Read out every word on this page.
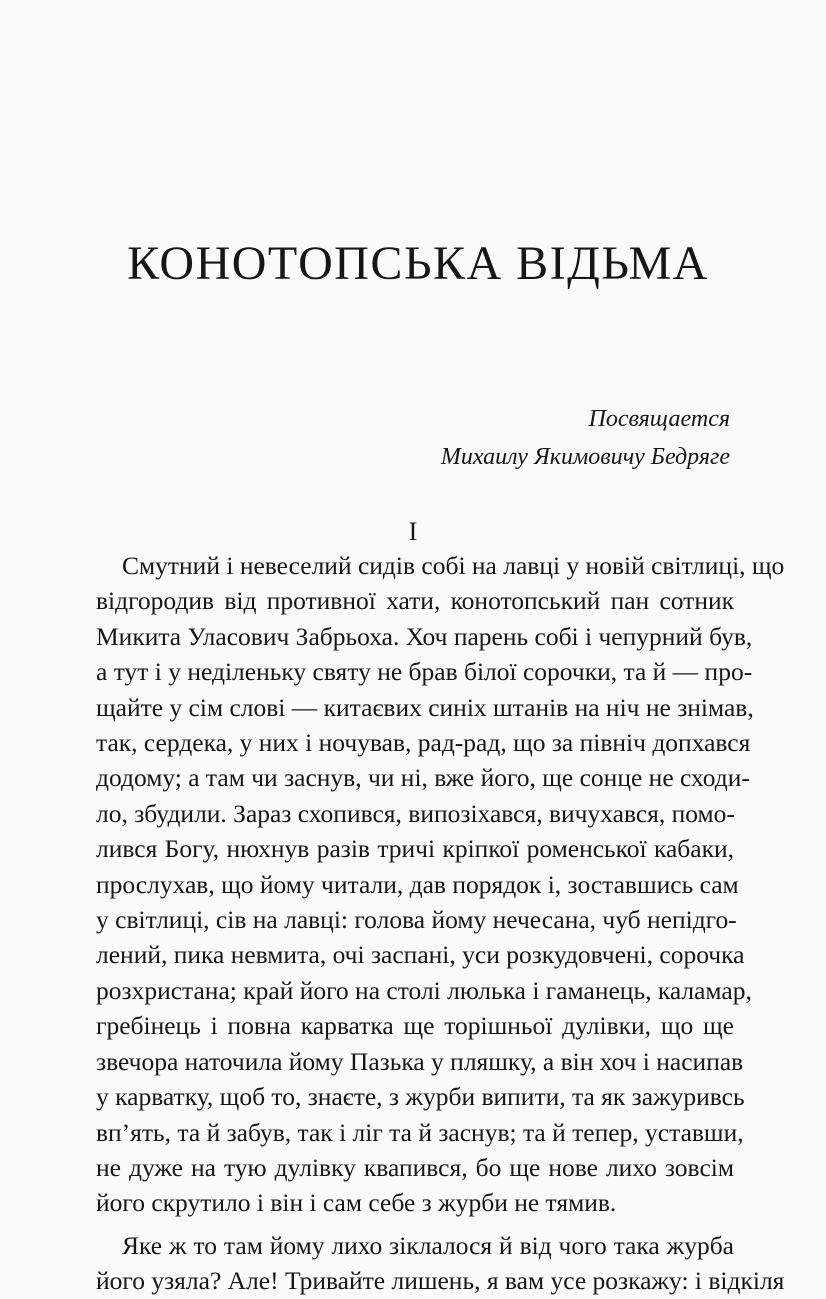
КОНОТОПСЬКА ВІДЬМА
Посвящается
Михаилу Якимовичу Бедряге
I

Смутний і невеселий сидів собі на лавці у новій світлиці, що
відгородив від противної хати, конотопський пан сотник
Микита Уласович Забрьоха. Хоч парень собі і чепурний був,
а тут і у неділеньку святу не брав білої сорочки, та й — про-
щайте у сім слові — китаєвих синіх штанів на ніч не знімав,
так, сердека, у них і ночував, рад-рад, що за північ допхався
додому; а там чи заснув, чи ні, вже його, ще сонце не сходи-
ло, збудили. Зараз схопився, випозіхався, вичухався, помо-
лився Богу, нюхнув разів тричі кріпкої роменської кабаки,
прослухав, що йому читали, дав порядок і, зоставшись сам
у світлиці, сів на лавці: голова йому нечесана, чуб непідго-
лений, пика невмита, очі заспані, уси розкудовчені, сорочка
розхристана; край його на столі люлька і гаманець, каламар,
гребінець і повна карватка ще торішньої дулівки, що ще
звечора наточила йому Пазька у пляшку, а він хоч і насипав
у карватку, щоб то, знаєте, з журби випити, та як зажуривсь
вп’ять, та й забув, так і ліг та й заснув; та й тепер, уставши,
не дуже на тую дулівку квапився, бо ще нове лихо зовсім
його скрутило і він і сам себе з журби не тямив.

Яке ж то там йому лихо зіклалося й від чого така журба
його узяла? Але! Тривайте лишень, я вам усе розкажу: і відкіля
